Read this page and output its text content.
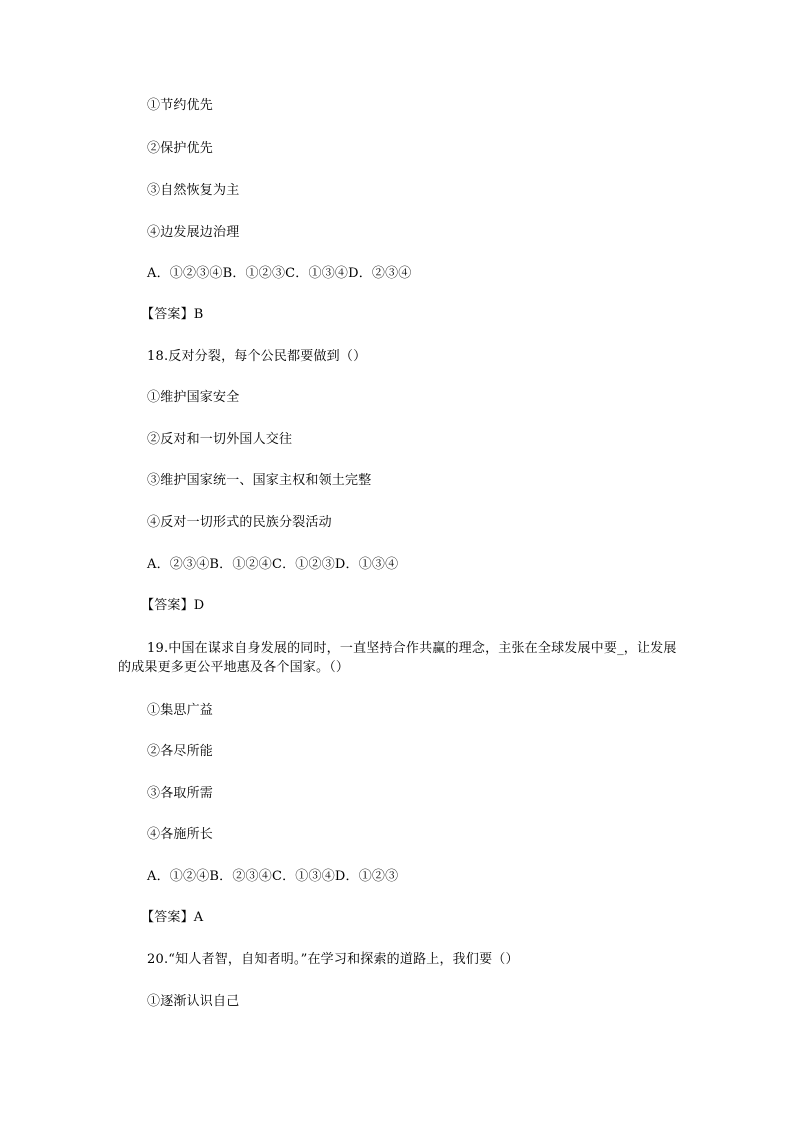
①节约优先
②保护优先
③自然恢复为主
④边发展边治理
A．①②③④B．①②③C．①③④D．②③④
【答案】B
18.反对分裂，每个公民都要做到（）
①维护国家安全
②反对和一切外国人交往
③维护国家统一、国家主权和领土完整
④反对一切形式的民族分裂活动
A．②③④B．①②④C．①②③D．①③④
【答案】D
19.中国在谋求自身发展的同时，一直坚持合作共赢的理念，主张在全球发展中要_，让发展的成果更多更公平地惠及各个国家。（）
①集思广益
②各尽所能
③各取所需
④各施所长
A．①②④B．②③④C．①③④D．①②③
【答案】A
20.“知人者智，自知者明。”在学习和探索的道路上，我们要（）
①逐渐认识自己
